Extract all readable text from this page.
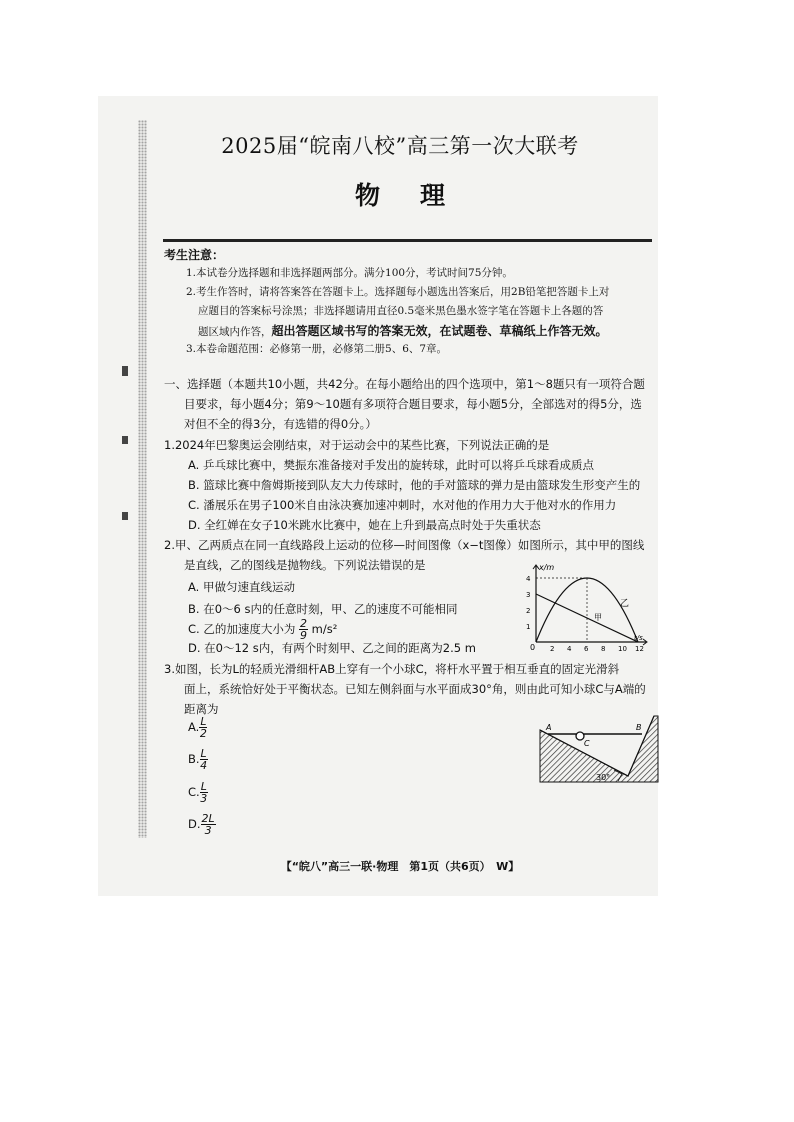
2025届“皖南八校”高三第一次大联考
物理
考生注意：
1.本试卷分选择题和非选择题两部分。满分100分，考试时间75分钟。
2.考生作答时，请将答案答在答题卡上。选择题每小题选出答案后，用2B铅笔把答题卡上对
应题目的答案标号涂黑；非选择题请用直径0.5毫米黑色墨水签字笔在答题卡上各题的答
题区域内作答，超出答题区域书写的答案无效，在试题卷、草稿纸上作答无效。
3.本卷命题范围：必修第一册，必修第二册5、6、7章。
一、选择题（本题共10小题，共42分。在每小题给出的四个选项中，第1～8题只有一项符合题
目要求，每小题4分；第9～10题有多项符合题目要求，每小题5分，全部选对的得5分，选
对但不全的得3分，有选错的得0分。）
1.2024年巴黎奥运会刚结束，对于运动会中的某些比赛，下列说法正确的是
A. 乒乓球比赛中，樊振东准备接对手发出的旋转球，此时可以将乒乓球看成质点
B. 篮球比赛中詹姆斯接到队友大力传球时，他的手对篮球的弹力是由篮球发生形变产生的
C. 潘展乐在男子100米自由泳决赛加速冲刺时，水对他的作用力大于他对水的作用力
D. 全红婵在女子10米跳水比赛中，她在上升到最高点时处于失重状态
2.甲、乙两质点在同一直线路段上运动的位移—时间图像（x−t图像）如图所示，其中甲的图线
是直线，乙的图线是抛物线。下列说法错误的是
A. 甲做匀速直线运动
B. 在0～6 s内的任意时刻，甲、乙的速度不可能相同
C. 乙的加速度大小为 $\frac{2}{9} m/s^2$
D. 在0～12 s内，有两个时刻甲、乙之间的距离为2.5 m
1
2
3
4
2 4 6 8 10 12
x/m
t/s
0
甲
乙
3.如图，长为L的轻质光滑细杆AB上穿有一个小球C，将杆水平置于相互垂直的固定光滑斜
面上，系统恰好处于平衡状态。已知左侧斜面与水平面成30°角，则由此可知小球C与A端的
距离为
A. $\frac{L}{2}$
B. $\frac{L}{4}$
C. $\frac{L}{3}$
D. $\frac{2L}{3}$
A	B
C
30°
【“皖八”高三一联·物理　第1页（共6页）　W】
